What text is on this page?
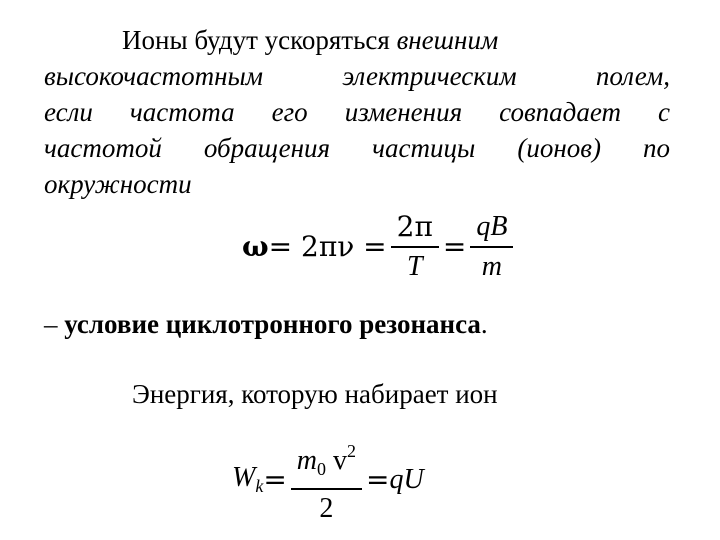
Ионы будут ускоряться внешним
высокочастотным электрическим полем,
если частота его изменения совпадает с
частотой обращения частицы (ионов) по
окружности
$\omega= 2\pi\nu = \frac{2\pi}{T} = \frac{qB}{m}$
– условие циклотронного резонанса.
Энергия, которую набирает ион
$W_k= \frac{m_0 v^2}{2} =qU$
